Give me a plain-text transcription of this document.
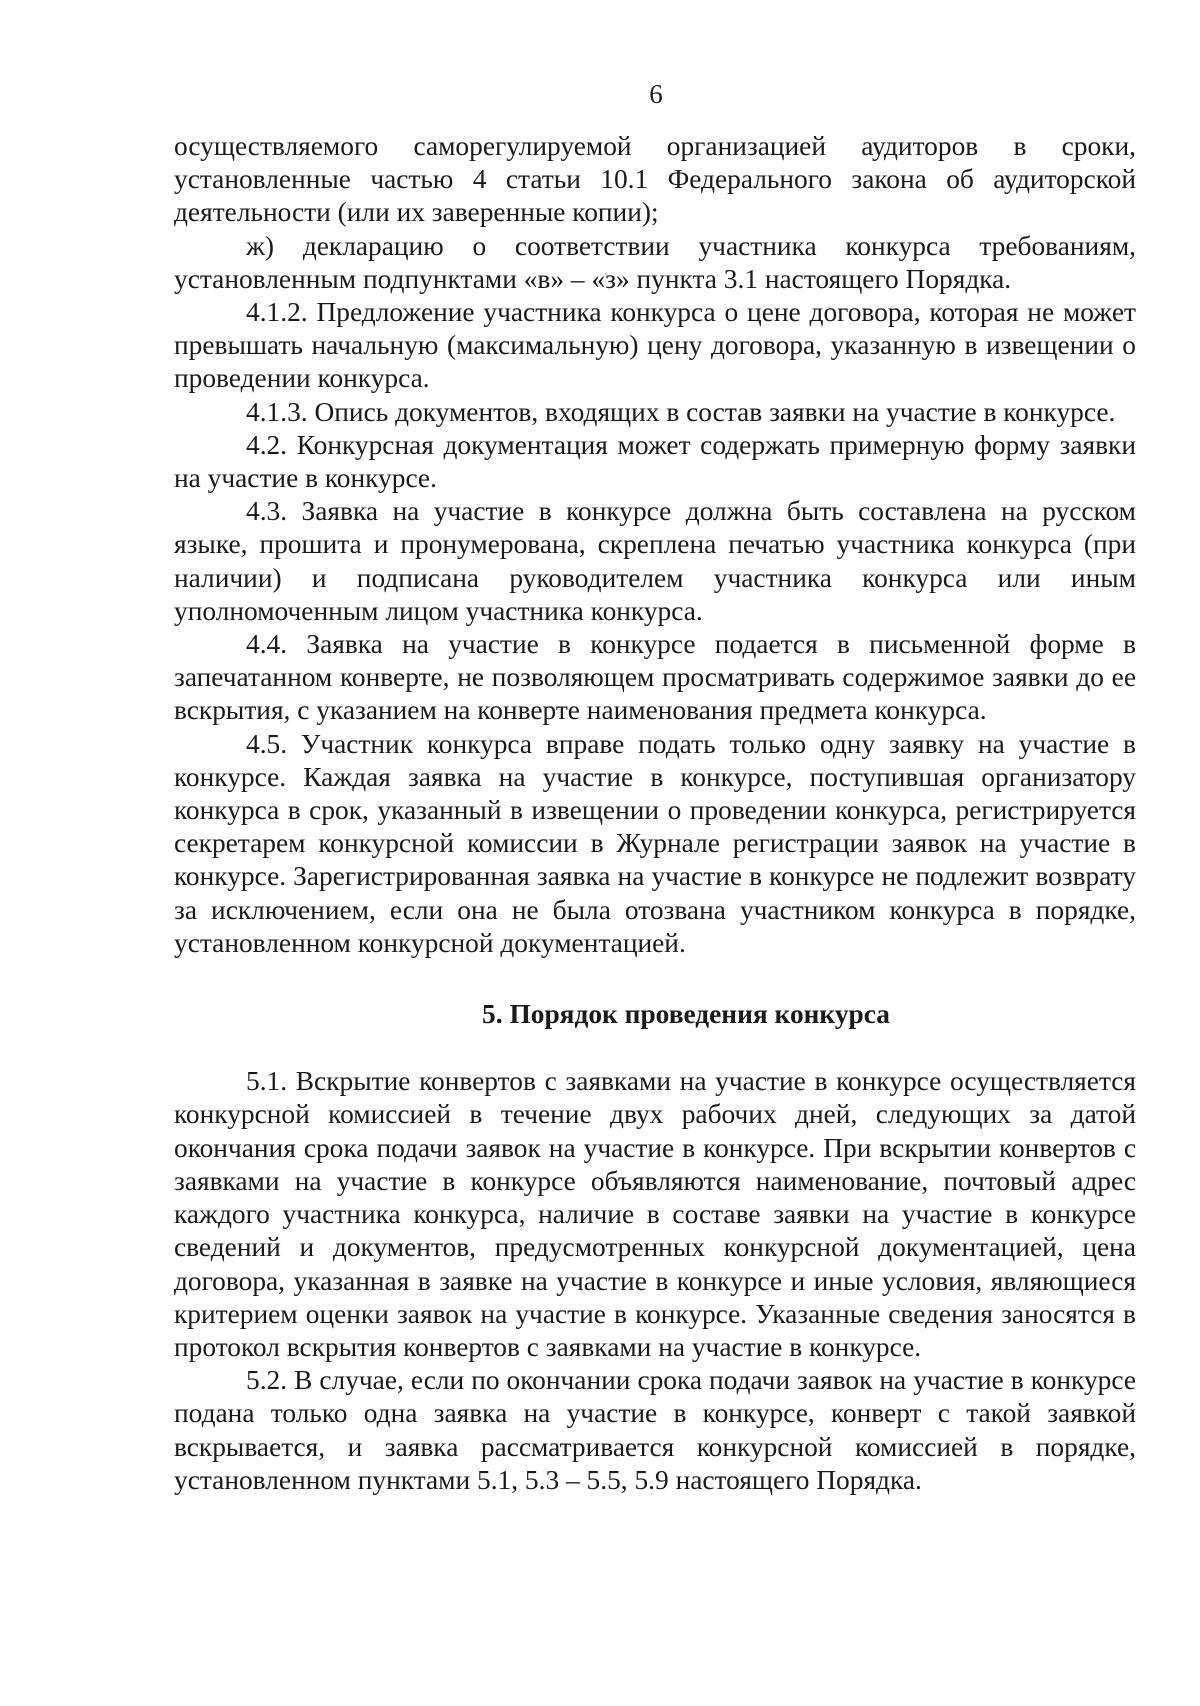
6

осуществляемого саморегулируемой организацией аудиторов в сроки, установленные частью 4 статьи 10.1 Федерального закона об аудиторской деятельности (или их заверенные копии);

ж) декларацию о соответствии участника конкурса требованиям, установленным подпунктами «в» – «з» пункта 3.1 настоящего Порядка.

4.1.2. Предложение участника конкурса о цене договора, которая не может превышать начальную (максимальную) цену договора, указанную в извещении о проведении конкурса.

4.1.3. Опись документов, входящих в состав заявки на участие в конкурсе.

4.2. Конкурсная документация может содержать примерную форму заявки на участие в конкурсе.

4.3. Заявка на участие в конкурсе должна быть составлена на русском языке, прошита и пронумерована, скреплена печатью участника конкурса (при наличии) и подписана руководителем участника конкурса или иным уполномоченным лицом участника конкурса.

4.4. Заявка на участие в конкурсе подается в письменной форме в запечатанном конверте, не позволяющем просматривать содержимое заявки до ее вскрытия, с указанием на конверте наименования предмета конкурса.

4.5. Участник конкурса вправе подать только одну заявку на участие в конкурсе. Каждая заявка на участие в конкурсе, поступившая организатору конкурса в срок, указанный в извещении о проведении конкурса, регистрируется секретарем конкурсной комиссии в Журнале регистрации заявок на участие в конкурсе. Зарегистрированная заявка на участие в конкурсе не подлежит возврату за исключением, если она не была отозвана участником конкурса в порядке, установленном конкурсной документацией.

5. Порядок проведения конкурса

5.1. Вскрытие конвертов с заявками на участие в конкурсе осуществляется конкурсной комиссией в течение двух рабочих дней, следующих за датой окончания срока подачи заявок на участие в конкурсе. При вскрытии конвертов с заявками на участие в конкурсе объявляются наименование, почтовый адрес каждого участника конкурса, наличие в составе заявки на участие в конкурсе сведений и документов, предусмотренных конкурсной документацией, цена договора, указанная в заявке на участие в конкурсе и иные условия, являющиеся критерием оценки заявок на участие в конкурсе. Указанные сведения заносятся в протокол вскрытия конвертов с заявками на участие в конкурсе.

5.2. В случае, если по окончании срока подачи заявок на участие в конкурсе подана только одна заявка на участие в конкурсе, конверт с такой заявкой вскрывается, и заявка рассматривается конкурсной комиссией в порядке, установленном пунктами 5.1, 5.3 – 5.5, 5.9 настоящего Порядка.
